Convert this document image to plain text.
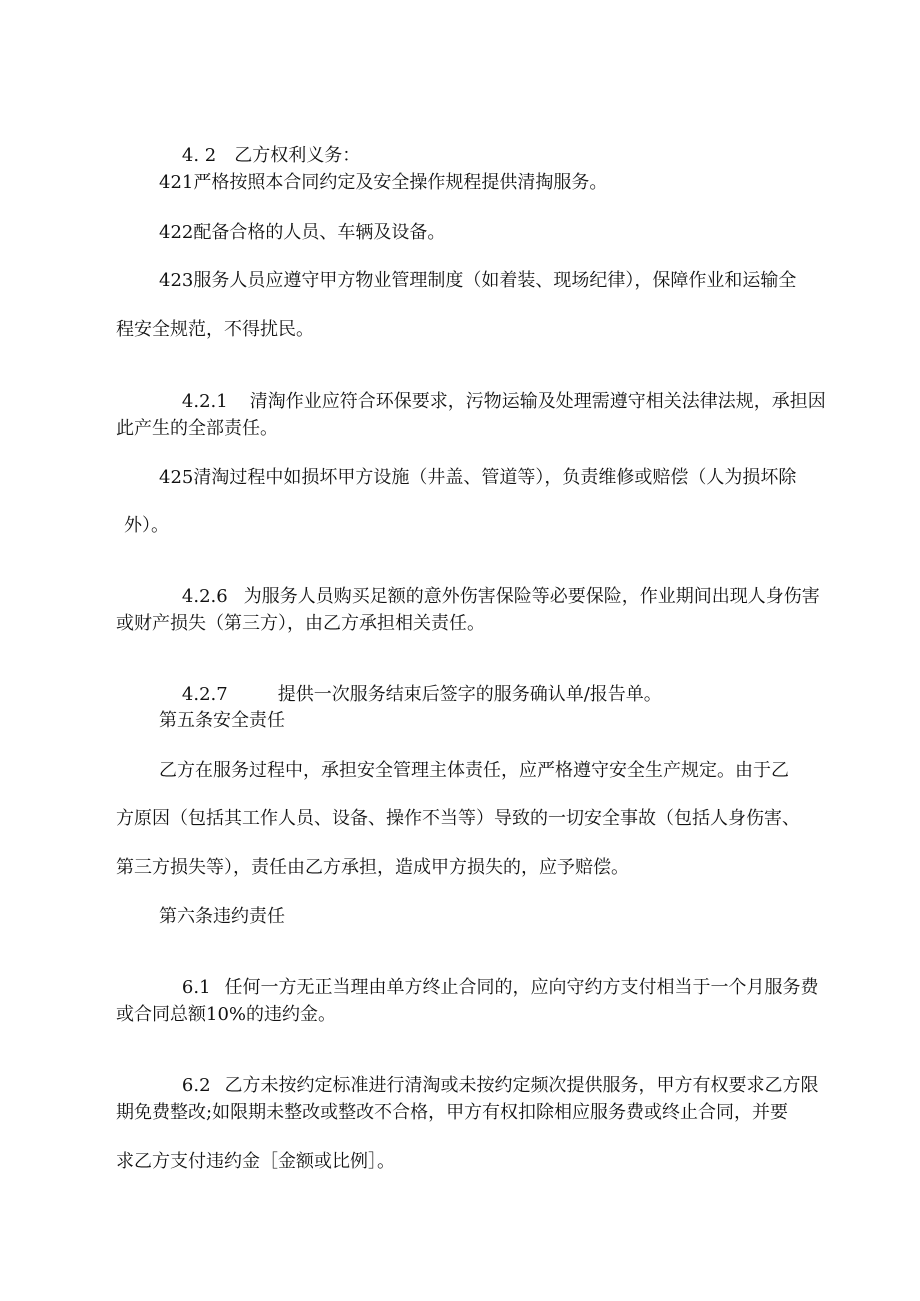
4. 2 乙方权利义务：

421严格按照本合同约定及安全操作规程提供清掏服务。
422配备合格的人员、车辆及设备。
423服务人员应遵守甲方物业管理制度（如着装、现场纪律），保障作业和运输全
程安全规范，不得扰民。

4.2.1 清淘作业应符合环保要求，污物运输及处理需遵守相关法律法规，承担因

此产生的全部责任。
425清淘过程中如损坏甲方设施（井盖、管道等），负责维修或赔偿（人为损坏除
外）。

4.2.6 为服务人员购买足额的意外伤害保险等必要保险，作业期间出现人身伤害

或财产损失（第三方），由乙方承担相关责任。

4.2.7	提供一次服务结束后签字的服务确认单/报告单。

第五条安全责任
乙方在服务过程中，承担安全管理主体责任，应严格遵守安全生产规定。由于乙
方原因（包括其工作人员、设备、操作不当等）导致的一切安全事故（包括人身伤害、
第三方损失等），责任由乙方承担，造成甲方损失的，应予赔偿。
第六条违约责任

6.1 任何一方无正当理由单方终止合同的，应向守约方支付相当于一个月服务费

或合同总额10%的违约金。

6.2 乙方未按约定标准进行清淘或未按约定频次提供服务，甲方有权要求乙方限

期免费整改;如限期未整改或整改不合格，甲方有权扣除相应服务费或终止合同，并要
求乙方支付违约金［金额或比例］。
